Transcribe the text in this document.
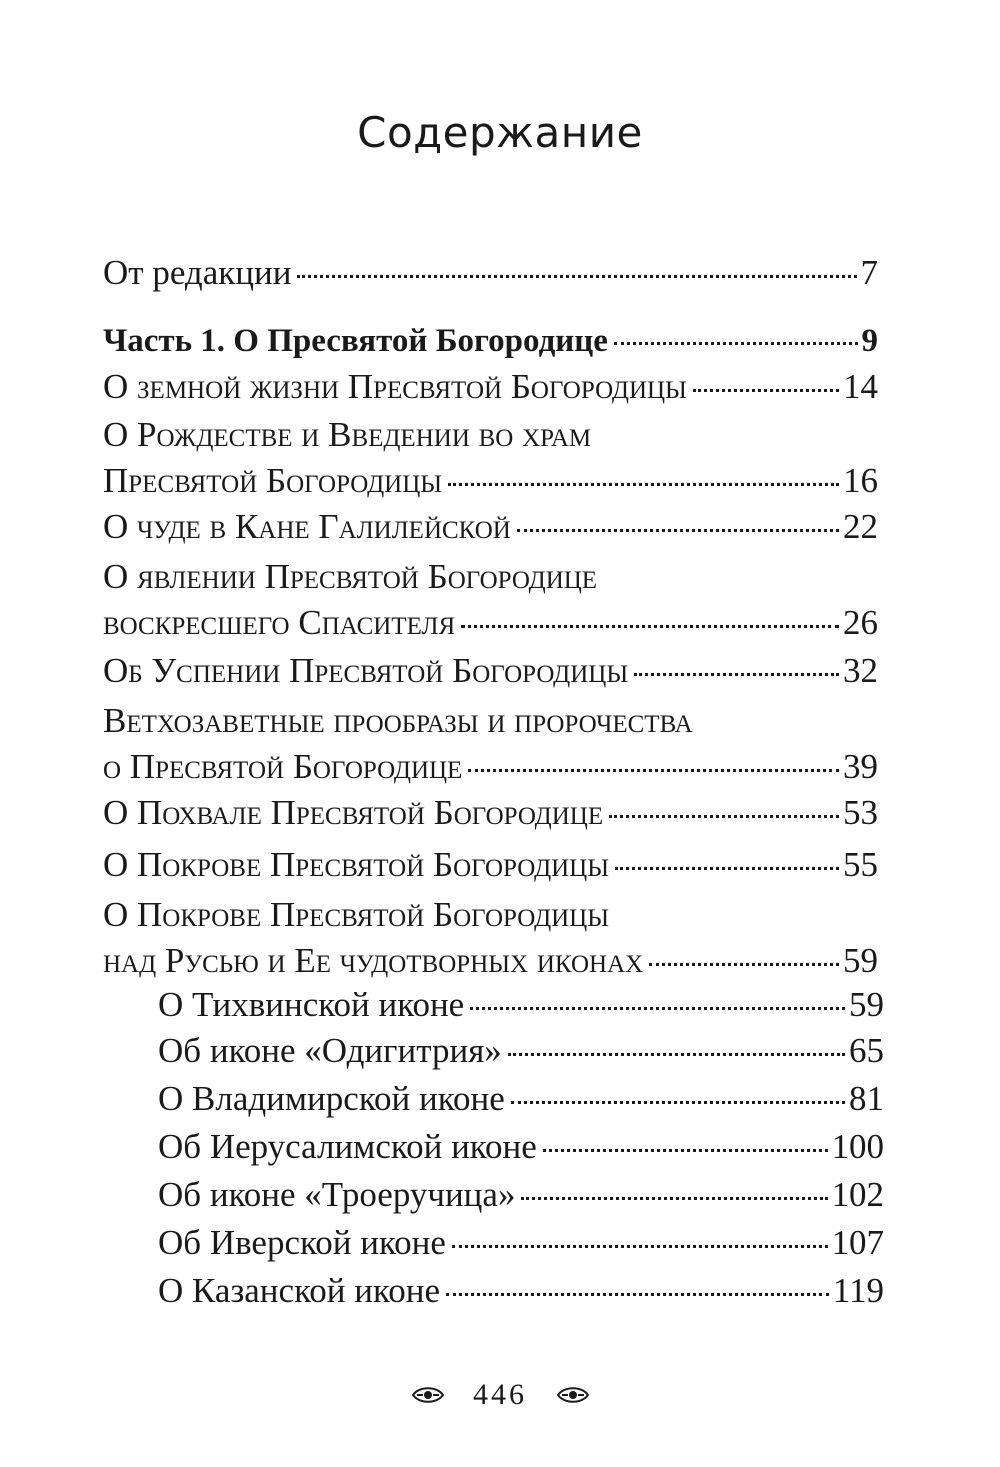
Содержание
От редакции	7
Часть 1. О Пресвятой Богородице	9
О земной жизни Пресвятой Богородицы	14
О Рождестве и Введении во храм
Пресвятой Богородицы	16
О чуде в Кане Галилейской	22
О явлении Пресвятой Богородице
воскресшего Спасителя	26
Об Успении Пресвятой Богородицы	32
Ветхозаветные прообразы и пророчества
о Пресвятой Богородице	39
О Похвале Пресвятой Богородице	53
О Покрове Пресвятой Богородицы	55
О Покрове Пресвятой Богородицы
над Русью и Ее чудотворных иконах	59
О Тихвинской иконе	59
Об иконе «Одигитрия»	65
О Владимирской иконе	81
Об Иерусалимской иконе	100
Об иконе «Троеручица»	102
Об Иверской иконе	107
О Казанской иконе	119
446
